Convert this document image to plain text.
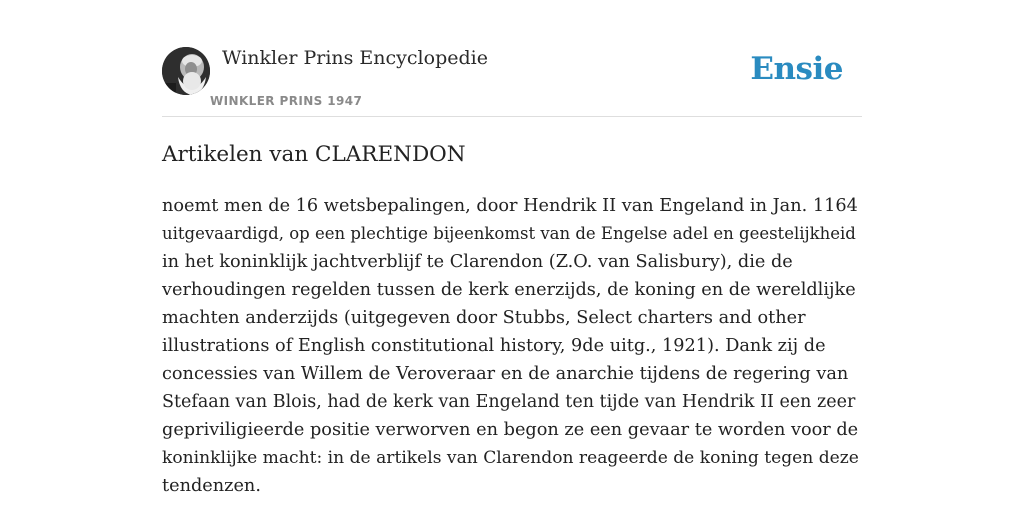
Winkler Prins Encyclopedie
WINKLER PRINS 1947
Ensie
Artikelen van CLARENDON
noemt men de 16 wetsbepalingen, door Hendrik II van Engeland in Jan. 1164
uitgevaardigd, op een plechtige bijeenkomst van de Engelse adel en geestelijkheid
in het koninklijk jachtverblijf te Clarendon (Z.O. van Salisbury), die de
verhoudingen regelden tussen de kerk enerzijds, de koning en de wereldlijke
machten anderzijds (uitgegeven door Stubbs, Select charters and other
illustrations of English constitutional history, 9de uitg., 1921). Dank zij de
concessies van Willem de Veroveraar en de anarchie tijdens de regering van
Stefaan van Blois, had de kerk van Engeland ten tijde van Hendrik II een zeer
gepriviligieerde positie verworven en begon ze een gevaar te worden voor de
koninklijke macht: in de artikels van Clarendon reageerde de koning tegen deze
tendenzen.
